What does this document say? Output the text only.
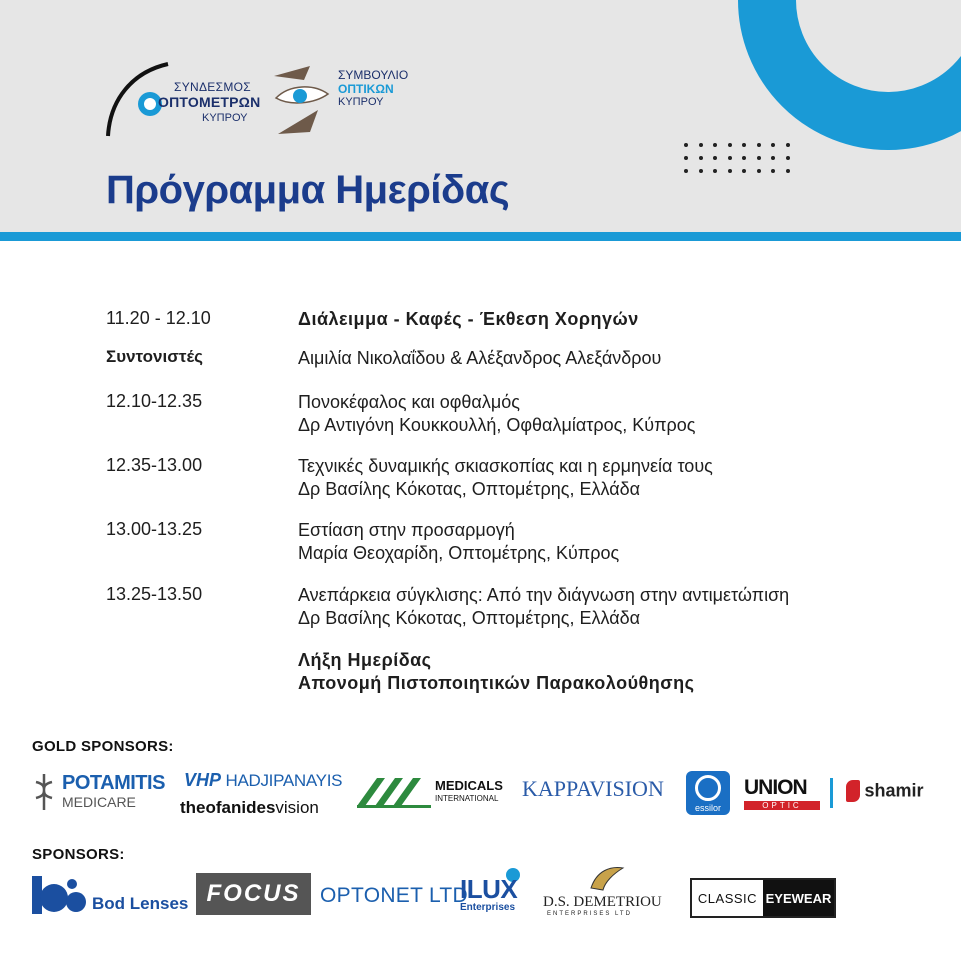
ΣΥΝΔΕΣΜΟΣ
ΟΠΤΟΜΕΤΡΩΝ
ΚΥΠΡΟΥ
ΣΥΜΒΟΥΛΙΟ
ΟΠΤΙΚΩΝ
ΚΥΠΡΟΥ
Πρόγραμμα Ημερίδας
11.20 - 12.10	Διάλειμμα - Καφές - Έκθεση Χορηγών
Συντονιστές	Αιμιλία Νικολαΐδου & Αλέξανδρος Αλεξάνδρου
12.10-12.35	Πονοκέφαλος και οφθαλμός
Δρ Αντιγόνη Κουκκουλλή, Οφθαλμίατρος, Κύπρος
12.35-13.00	Τεχνικές δυναμικής σκιασκοπίας και η ερμηνεία τους
Δρ Βασίλης Κόκοτας, Οπτομέτρης, Ελλάδα
13.00-13.25	Εστίαση στην προσαρμογή
Μαρία Θεοχαρίδη, Οπτομέτρης, Κύπρος
13.25-13.50	Ανεπάρκεια σύγκλισης: Από την διάγνωση στην αντιμετώπιση
Δρ Βασίλης Κόκοτας, Οπτομέτρης, Ελλάδα
Λήξη Ημερίδας
Απονομή Πιστοποιητικών Παρακολούθησης
GOLD SPONSORS:
POTAMITIS
MEDICARE
VHP HADJIPANAYIS
theofanidesvision
MEDICALS
INTERNATIONAL KAPPAVISION
essilor
UNION
OPTIC
shamir
SPONSORS:
Bod Lenses FOCUS OPTONET LTD
ILUX
Enterprises D.S. DEMETRIOU
ENTERPRISES LTD
CLASSIC EYEWEAR
